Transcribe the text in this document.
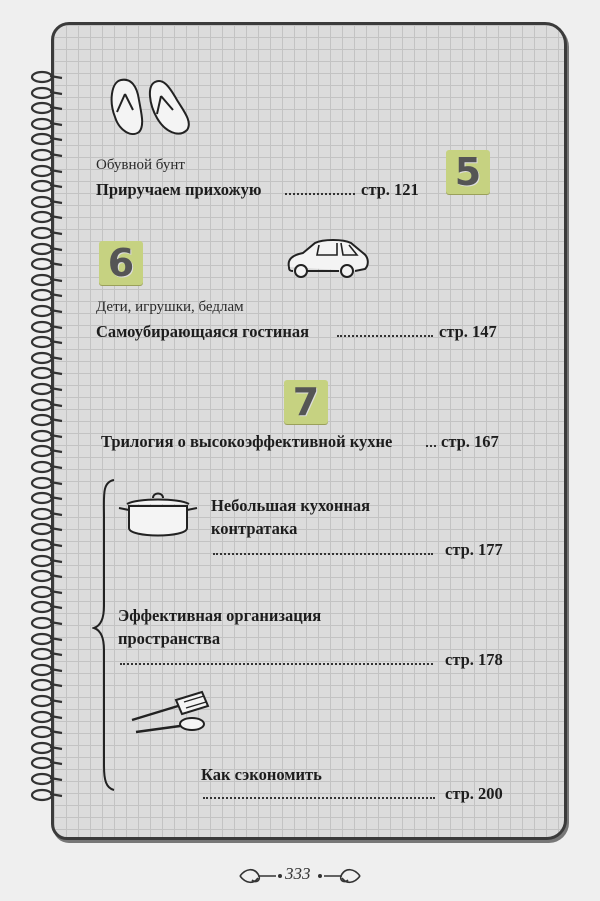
Обувной бунт
Приручаем прихожую	стр. 121 5
6
Дети, игрушки, бедлам
Самоубирающаяся гостиная	стр. 147
7
Трилогия о высокоэффективной кухне	стр. 167
Небольшая кухонная
контратака
стр. 177
Эффективная организация
пространства
стр. 178
Как сэкономить
стр. 200
333
